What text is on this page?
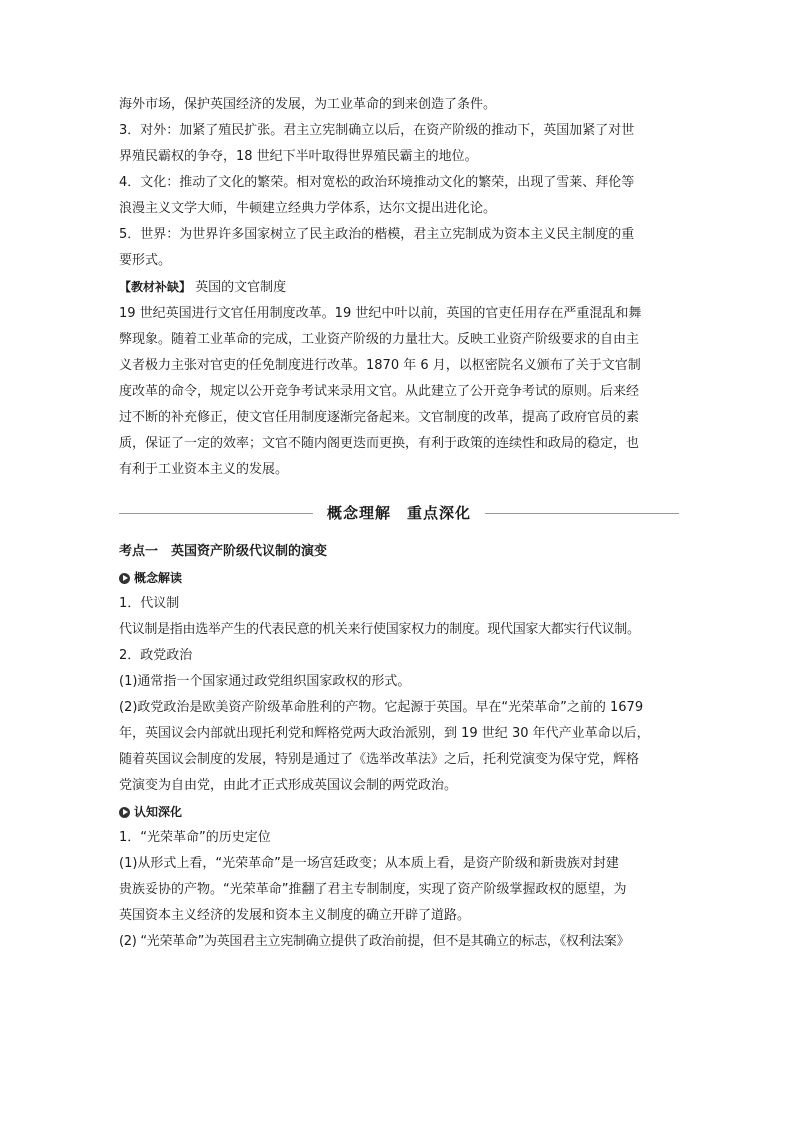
海外市场，保护英国经济的发展，为工业革命的到来创造了条件。

3．对外：加紧了殖民扩张。君主立宪制确立以后，在资产阶级的推动下，英国加紧了对世

界殖民霸权的争夺，18 世纪下半叶取得世界殖民霸主的地位。

4．文化：推动了文化的繁荣。相对宽松的政治环境推动文化的繁荣，出现了雪莱、拜伦等

浪漫主义文学大师，牛顿建立经典力学体系，达尔文提出进化论。

5．世界：为世界许多国家树立了民主政治的楷模，君主立宪制成为资本主义民主制度的重

要形式。

【教材补缺】 英国的文官制度

19 世纪英国进行文官任用制度改革。19 世纪中叶以前，英国的官吏任用存在严重混乱和舞

弊现象。随着工业革命的完成，工业资产阶级的力量壮大。反映工业资产阶级要求的自由主

义者极力主张对官吏的任免制度进行改革。1870 年 6 月，以枢密院名义颁布了关于文官制

度改革的命令，规定以公开竞争考试来录用文官。从此建立了公开竞争考试的原则。后来经

过不断的补充修正，使文官任用制度逐渐完备起来。文官制度的改革，提高了政府官员的素

质，保证了一定的效率；文官不随内阁更迭而更换，有利于政策的连续性和政局的稳定，也

有利于工业资本主义的发展。

概念理解　重点深化

考点一　英国资产阶级代议制的演变

概念解读

1．代议制

代议制是指由选举产生的代表民意的机关来行使国家权力的制度。现代国家大都实行代议制。

2．政党政治

(1)通常指一个国家通过政党组织国家政权的形式。

(2)政党政治是欧美资产阶级革命胜利的产物。它起源于英国。早在“光荣革命”之前的 1679

年，英国议会内部就出现托利党和辉格党两大政治派别，到 19 世纪 30 年代产业革命以后，

随着英国议会制度的发展，特别是通过了《选举改革法》之后，托利党演变为保守党，辉格

党演变为自由党，由此才正式形成英国议会制的两党政治。

认知深化

1．“光荣革命”的历史定位

(1)从形式上看，“光荣革命”是一场宫廷政变；从本质上看，是资产阶级和新贵族对封建

贵族妥协的产物。“光荣革命”推翻了君主专制制度，实现了资产阶级掌握政权的愿望，为

英国资本主义经济的发展和资本主义制度的确立开辟了道路。

(2) “光荣革命”为英国君主立宪制确立提供了政治前提，但不是其确立的标志，《权利法案》
